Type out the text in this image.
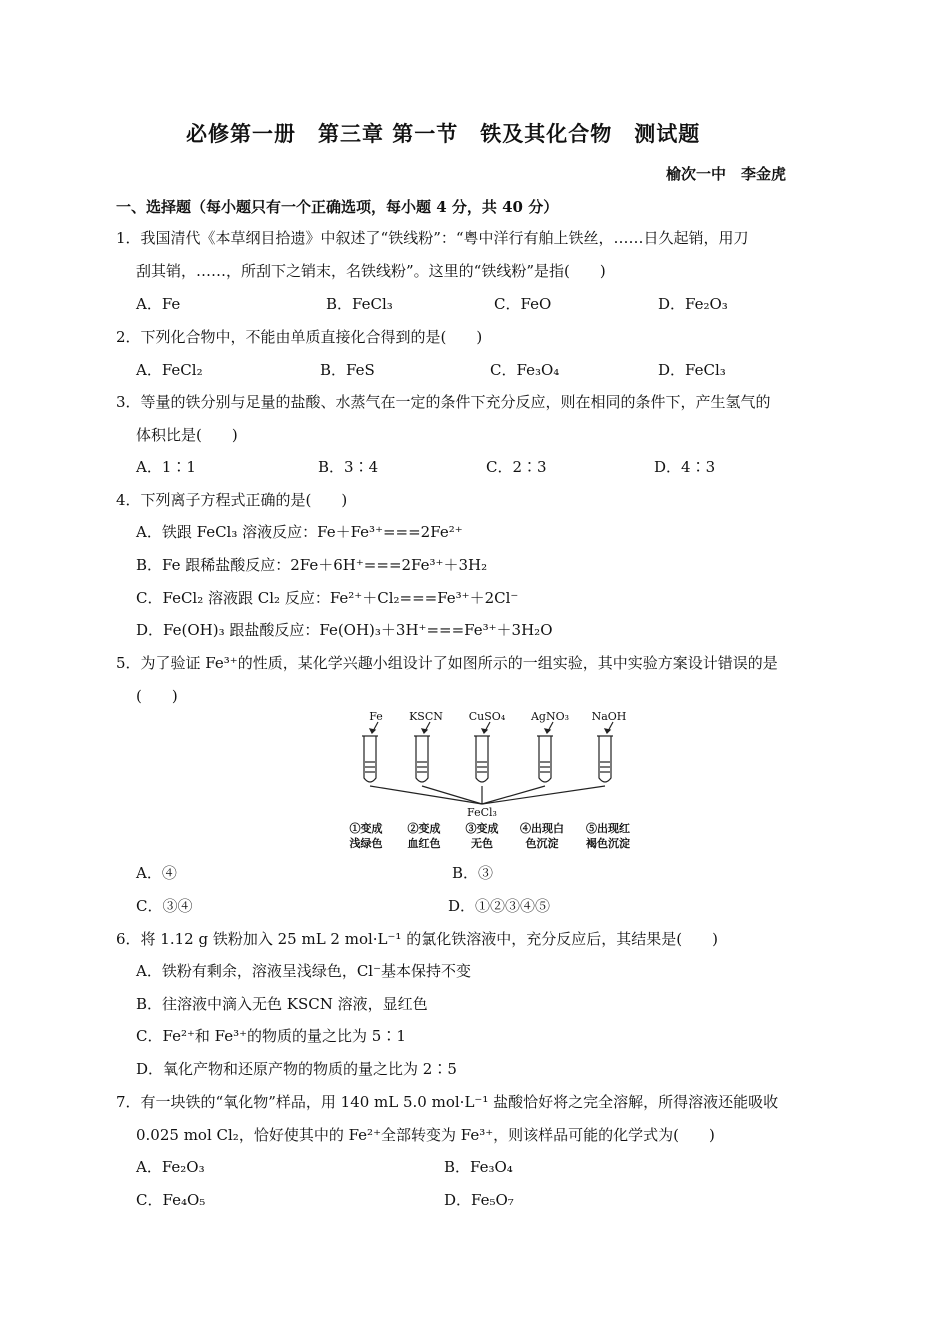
必修第一册　第三章 第一节　铁及其化合物　测试题
榆次一中　李金虎
一、选择题（每小题只有一个正确选项，每小题 4 分，共 40 分）
1．我国清代《本草纲目拾遗》中叙述了“铁线粉”：“粤中洋行有舶上铁丝，……日久起销，用刀
刮其销，……，所刮下之销末，名铁线粉”。这里的“铁线粉”是指(　　)
A．Fe	B．FeCl₃	C．FeO	D．Fe₂O₃
2．下列化合物中，不能由单质直接化合得到的是(　　)
A．FeCl₂	B．FeS	C．Fe₃O₄	D．FeCl₃
3．等量的铁分别与足量的盐酸、水蒸气在一定的条件下充分反应，则在相同的条件下，产生氢气的
体积比是(　　)
A．1∶1	B．3∶4	C．2∶3	D．4∶3
4．下列离子方程式正确的是(　　)
A．铁跟 FeCl₃ 溶液反应：Fe＋Fe³⁺===2Fe²⁺
B．Fe 跟稀盐酸反应：2Fe＋6H⁺===2Fe³⁺＋3H₂
C．FeCl₂ 溶液跟 Cl₂ 反应：Fe²⁺＋Cl₂===Fe³⁺＋2Cl⁻
D．Fe(OH)₃ 跟盐酸反应：Fe(OH)₃＋3H⁺===Fe³⁺＋3H₂O
5．为了验证 Fe³⁺的性质，某化学兴趣小组设计了如图所示的一组实验，其中实验方案设计错误的是
(　　)
Fe KSCN CuSO₄ AgNO₃ NaOH
FeCl₃
①变成
浅绿色
②变成
血红色
③变成
无色
④出现白
色沉淀
⑤出现红
褐色沉淀
A．④	B．③
C．③④	D．①②③④⑤
6．将 1.12 g 铁粉加入 25 mL 2 mol·L⁻¹ 的氯化铁溶液中，充分反应后，其结果是(　　)
A．铁粉有剩余，溶液呈浅绿色，Cl⁻基本保持不变
B．往溶液中滴入无色 KSCN 溶液，显红色
C．Fe²⁺和 Fe³⁺的物质的量之比为 5∶1
D．氧化产物和还原产物的物质的量之比为 2∶5
7．有一块铁的“氧化物”样品，用 140 mL 5.0 mol·L⁻¹ 盐酸恰好将之完全溶解，所得溶液还能吸收
0.025 mol Cl₂，恰好使其中的 Fe²⁺全部转变为 Fe³⁺，则该样品可能的化学式为(　　)
A．Fe₂O₃	B．Fe₃O₄
C．Fe₄O₅	D．Fe₅O₇
